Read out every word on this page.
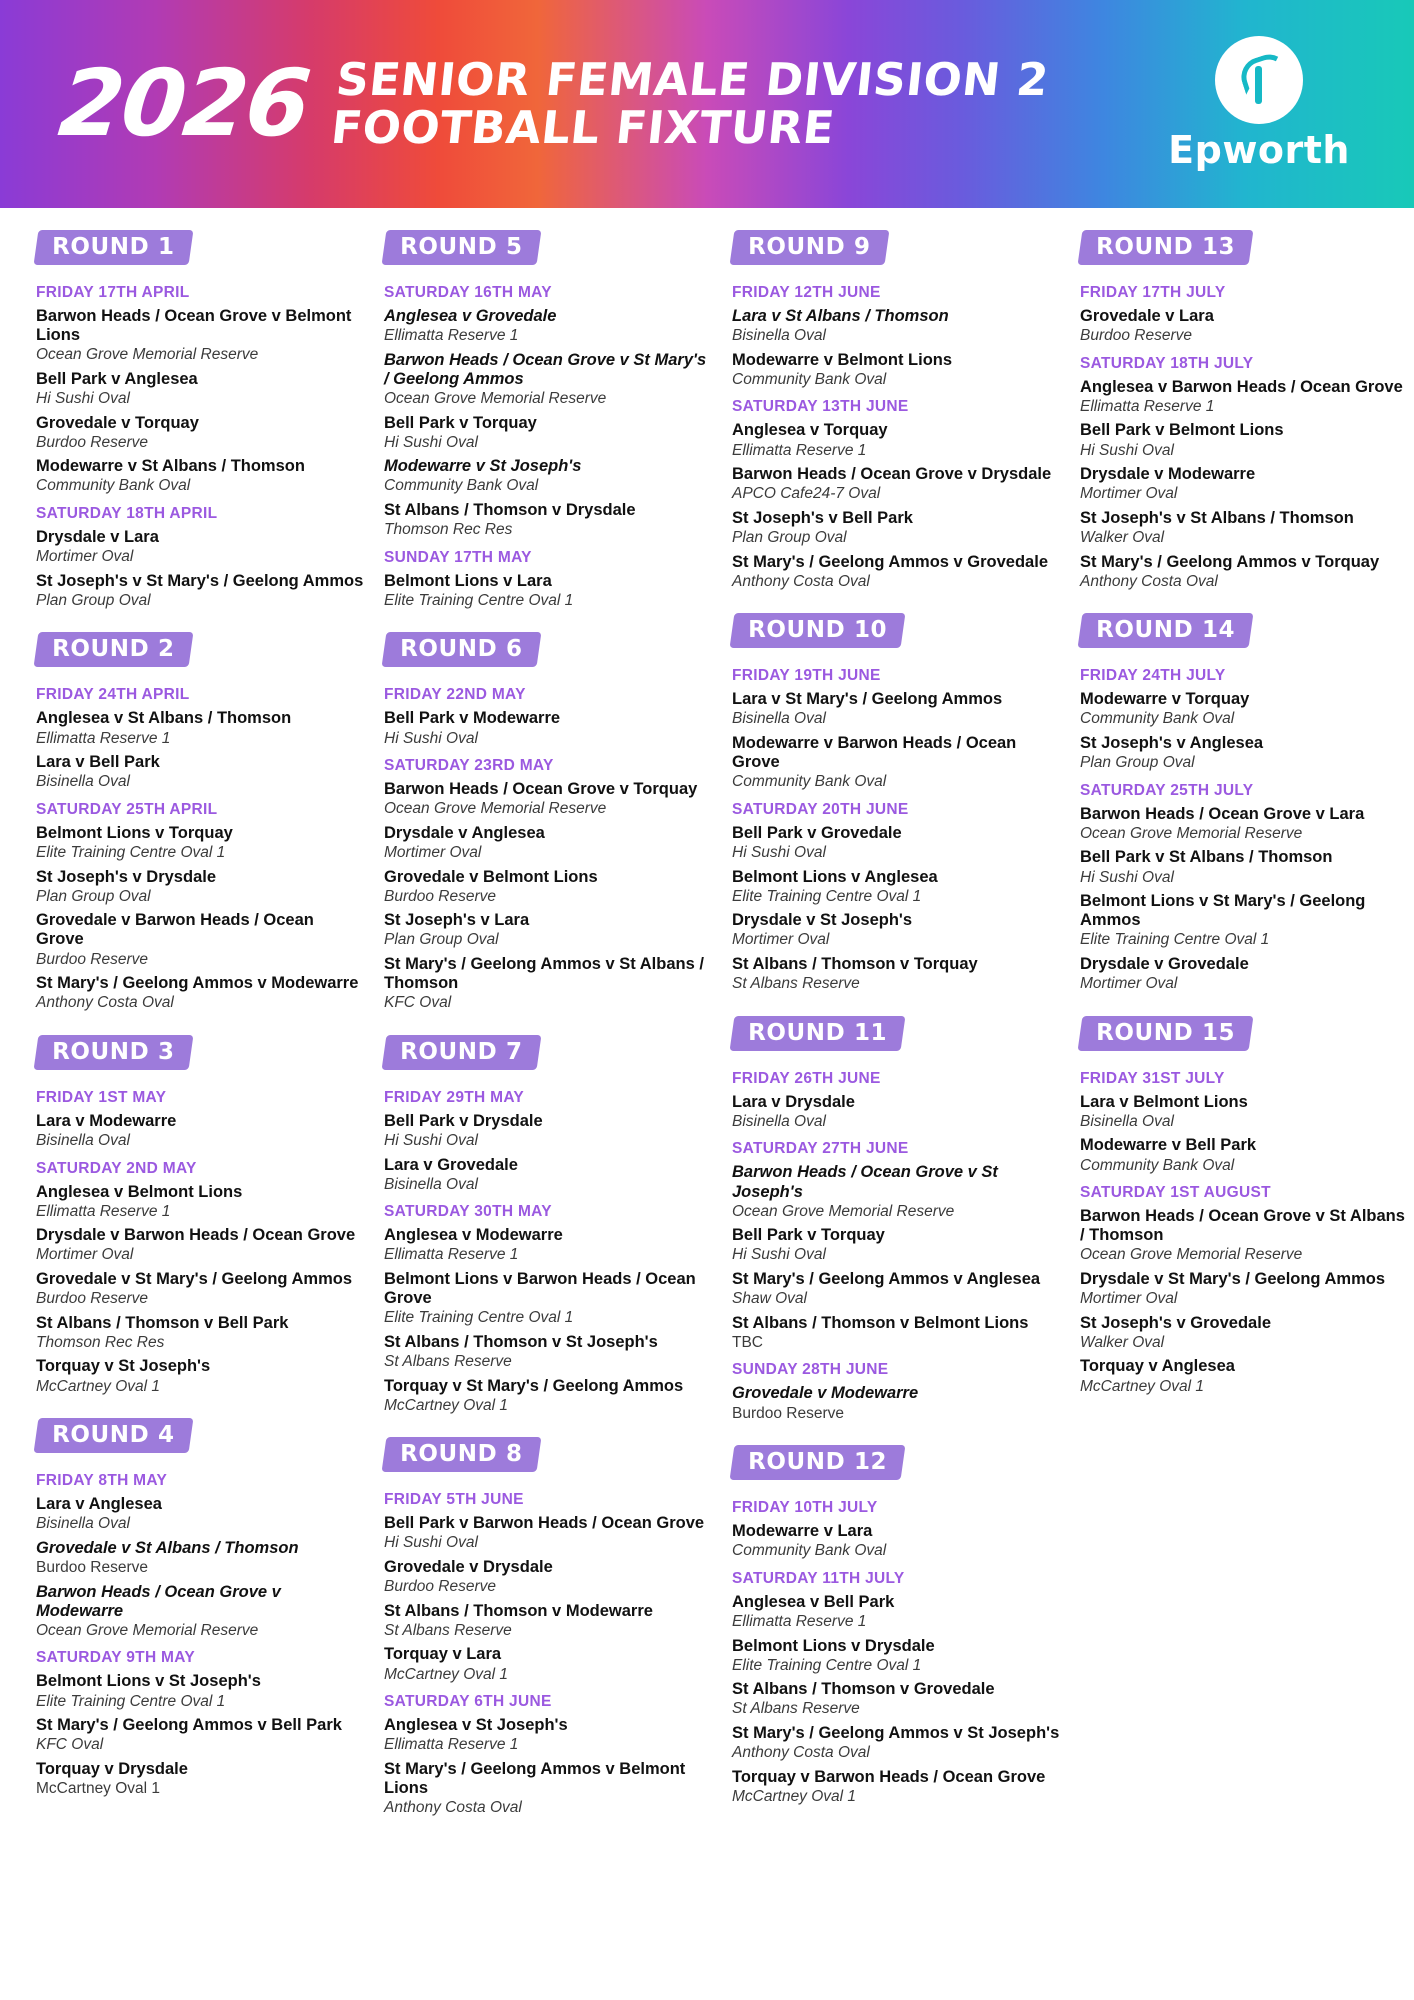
2026 SENIOR FEMALE DIVISION 2
FOOTBALL FIXTURE	Epworth
ROUND 1
FRIDAY 17TH APRIL
Barwon Heads / Ocean Grove v Belmont Lions
Ocean Grove Memorial Reserve
Bell Park v Anglesea
Hi Sushi Oval
Grovedale v Torquay
Burdoo Reserve
Modewarre v St Albans / Thomson
Community Bank Oval
SATURDAY 18TH APRIL
Drysdale v Lara
Mortimer Oval
St Joseph's v St Mary's / Geelong Ammos
Plan Group Oval
ROUND 2
FRIDAY 24TH APRIL
Anglesea v St Albans / Thomson
Ellimatta Reserve 1
Lara v Bell Park
Bisinella Oval
SATURDAY 25TH APRIL
Belmont Lions v Torquay
Elite Training Centre Oval 1
St Joseph's v Drysdale
Plan Group Oval
Grovedale v Barwon Heads / Ocean Grove
Burdoo Reserve
St Mary's / Geelong Ammos v Modewarre
Anthony Costa Oval
ROUND 3
FRIDAY 1ST MAY
Lara v Modewarre
Bisinella Oval
SATURDAY 2ND MAY
Anglesea v Belmont Lions
Ellimatta Reserve 1
Drysdale v Barwon Heads / Ocean Grove
Mortimer Oval
Grovedale v St Mary's / Geelong Ammos
Burdoo Reserve
St Albans / Thomson v Bell Park
Thomson Rec Res
Torquay v St Joseph's
McCartney Oval 1
ROUND 4
FRIDAY 8TH MAY
Lara v Anglesea
Bisinella Oval
Grovedale v St Albans / Thomson
Burdoo Reserve
Barwon Heads / Ocean Grove v Modewarre
Ocean Grove Memorial Reserve
SATURDAY 9TH MAY
Belmont Lions v St Joseph's
Elite Training Centre Oval 1
St Mary's / Geelong Ammos v Bell Park
KFC Oval
Torquay v Drysdale
McCartney Oval 1
ROUND 5
SATURDAY 16TH MAY
Anglesea v Grovedale
Ellimatta Reserve 1
Barwon Heads / Ocean Grove v St Mary's / Geelong Ammos
Ocean Grove Memorial Reserve
Bell Park v Torquay
Hi Sushi Oval
Modewarre v St Joseph's
Community Bank Oval
St Albans / Thomson v Drysdale
Thomson Rec Res
SUNDAY 17TH MAY
Belmont Lions v Lara
Elite Training Centre Oval 1
ROUND 6
FRIDAY 22ND MAY
Bell Park v Modewarre
Hi Sushi Oval
SATURDAY 23RD MAY
Barwon Heads / Ocean Grove v Torquay
Ocean Grove Memorial Reserve
Drysdale v Anglesea
Mortimer Oval
Grovedale v Belmont Lions
Burdoo Reserve
St Joseph's v Lara
Plan Group Oval
St Mary's / Geelong Ammos v St Albans / Thomson
KFC Oval
ROUND 7
FRIDAY 29TH MAY
Bell Park v Drysdale
Hi Sushi Oval
Lara v Grovedale
Bisinella Oval
SATURDAY 30TH MAY
Anglesea v Modewarre
Ellimatta Reserve 1
Belmont Lions v Barwon Heads / Ocean Grove
Elite Training Centre Oval 1
St Albans / Thomson v St Joseph's
St Albans Reserve
Torquay v St Mary's / Geelong Ammos
McCartney Oval 1
ROUND 8
FRIDAY 5TH JUNE
Bell Park v Barwon Heads / Ocean Grove
Hi Sushi Oval
Grovedale v Drysdale
Burdoo Reserve
St Albans / Thomson v Modewarre
St Albans Reserve
Torquay v Lara
McCartney Oval 1
SATURDAY 6TH JUNE
Anglesea v St Joseph's
Ellimatta Reserve 1
St Mary's / Geelong Ammos v Belmont Lions
Anthony Costa Oval
ROUND 9
FRIDAY 12TH JUNE
Lara v St Albans / Thomson
Bisinella Oval
Modewarre v Belmont Lions
Community Bank Oval
SATURDAY 13TH JUNE
Anglesea v Torquay
Ellimatta Reserve 1
Barwon Heads / Ocean Grove v Drysdale
APCO Cafe24-7 Oval
St Joseph's v Bell Park
Plan Group Oval
St Mary's / Geelong Ammos v Grovedale
Anthony Costa Oval
ROUND 10
FRIDAY 19TH JUNE
Lara v St Mary's / Geelong Ammos
Bisinella Oval
Modewarre v Barwon Heads / Ocean Grove
Community Bank Oval
SATURDAY 20TH JUNE
Bell Park v Grovedale
Hi Sushi Oval
Belmont Lions v Anglesea
Elite Training Centre Oval 1
Drysdale v St Joseph's
Mortimer Oval
St Albans / Thomson v Torquay
St Albans Reserve
ROUND 11
FRIDAY 26TH JUNE
Lara v Drysdale
Bisinella Oval
SATURDAY 27TH JUNE
Barwon Heads / Ocean Grove v St Joseph's
Ocean Grove Memorial Reserve
Bell Park v Torquay
Hi Sushi Oval
St Mary's / Geelong Ammos v Anglesea
Shaw Oval
St Albans / Thomson v Belmont Lions
TBC
SUNDAY 28TH JUNE
Grovedale v Modewarre
Burdoo Reserve
ROUND 12
FRIDAY 10TH JULY
Modewarre v Lara
Community Bank Oval
SATURDAY 11TH JULY
Anglesea v Bell Park
Ellimatta Reserve 1
Belmont Lions v Drysdale
Elite Training Centre Oval 1
St Albans / Thomson v Grovedale
St Albans Reserve
St Mary's / Geelong Ammos v St Joseph's
Anthony Costa Oval
Torquay v Barwon Heads / Ocean Grove
McCartney Oval 1
ROUND 13
FRIDAY 17TH JULY
Grovedale v Lara
Burdoo Reserve
SATURDAY 18TH JULY
Anglesea v Barwon Heads / Ocean Grove
Ellimatta Reserve 1
Bell Park v Belmont Lions
Hi Sushi Oval
Drysdale v Modewarre
Mortimer Oval
St Joseph's v St Albans / Thomson
Walker Oval
St Mary's / Geelong Ammos v Torquay
Anthony Costa Oval
ROUND 14
FRIDAY 24TH JULY
Modewarre v Torquay
Community Bank Oval
St Joseph's v Anglesea
Plan Group Oval
SATURDAY 25TH JULY
Barwon Heads / Ocean Grove v Lara
Ocean Grove Memorial Reserve
Bell Park v St Albans / Thomson
Hi Sushi Oval
Belmont Lions v St Mary's / Geelong Ammos
Elite Training Centre Oval 1
Drysdale v Grovedale
Mortimer Oval
ROUND 15
FRIDAY 31ST JULY
Lara v Belmont Lions
Bisinella Oval
Modewarre v Bell Park
Community Bank Oval
SATURDAY 1ST AUGUST
Barwon Heads / Ocean Grove v St Albans / Thomson
Ocean Grove Memorial Reserve
Drysdale v St Mary's / Geelong Ammos
Mortimer Oval
St Joseph's v Grovedale
Walker Oval
Torquay v Anglesea
McCartney Oval 1
